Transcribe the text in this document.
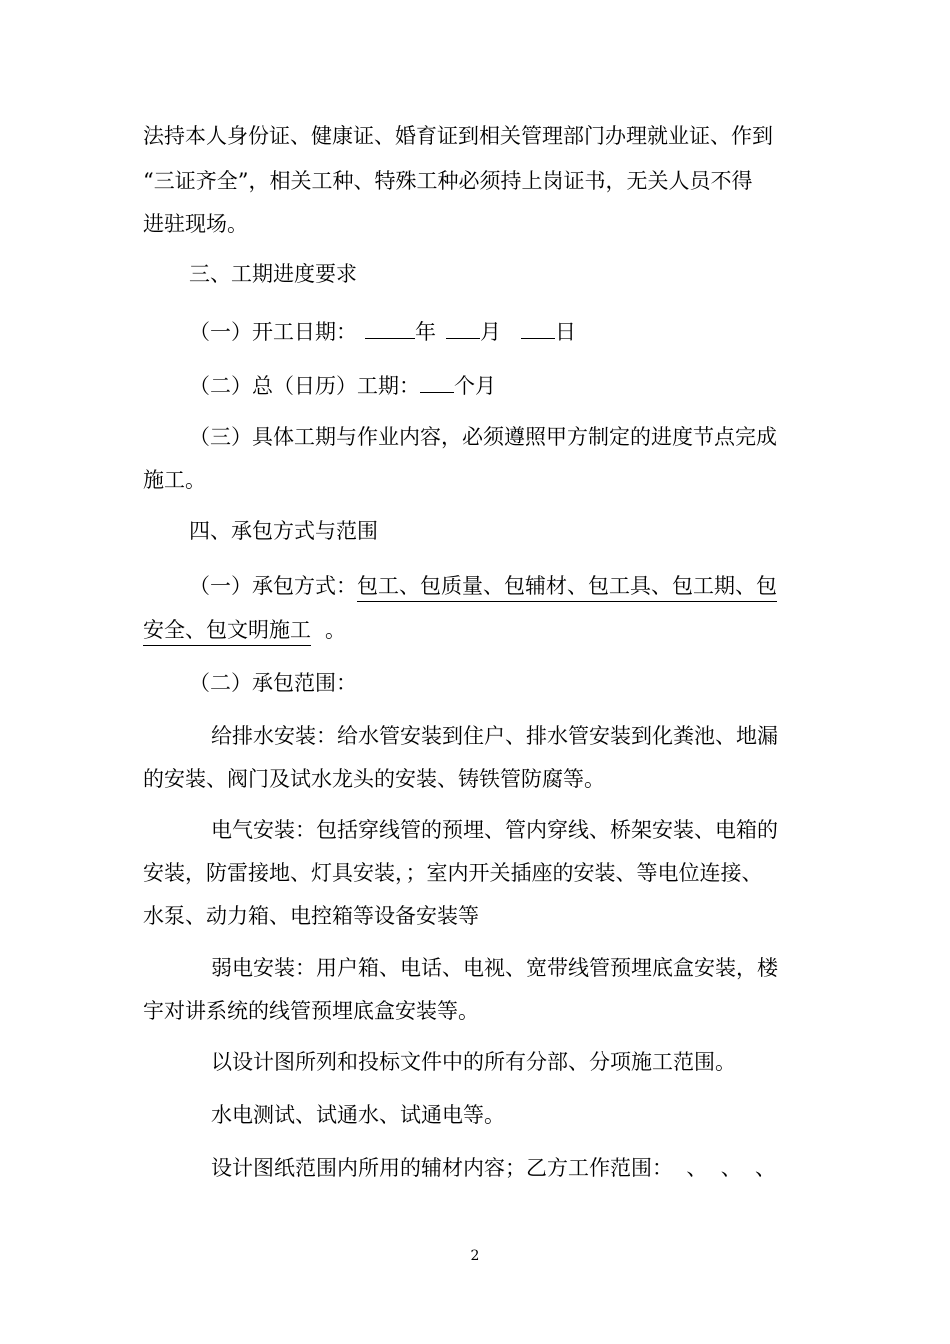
法持本人身份证、健康证、婚育证到相关管理部门办理就业证、作到
“三证齐全”，相关工种、特殊工种必须持上岗证书，无关人员不得
进驻现场。
三、工期进度要求
（一）开工日期：	年 月	日
（二）总（日历）工期： 个月
（三）具体工期与作业内容，必须遵照甲方制定的进度节点完成
施工。
四、承包方式与范围
（一）承包方式：包工、包质量、包辅材、包工具、包工期、包
安全、包文明施工 。
（二）承包范围：
给排水安装：给水管安装到住户、排水管安装到化粪池、地漏
的安装、阀门及试水龙头的安装、铸铁管防腐等。
电气安装：包括穿线管的预埋、管内穿线、桥架安装、电箱的
安装，防雷接地、灯具安装，；室内开关插座的安装、等电位连接、
水泵、动力箱、电控箱等设备安装等
弱电安装：用户箱、电话、电视、宽带线管预埋底盒安装，楼
宇对讲系统的线管预埋底盒安装等。
以设计图所列和投标文件中的所有分部、分项施工范围。
水电测试、试通水、试通电等。
设计图纸范围内所用的辅材内容；乙方工作范围：  、  、  、
2
